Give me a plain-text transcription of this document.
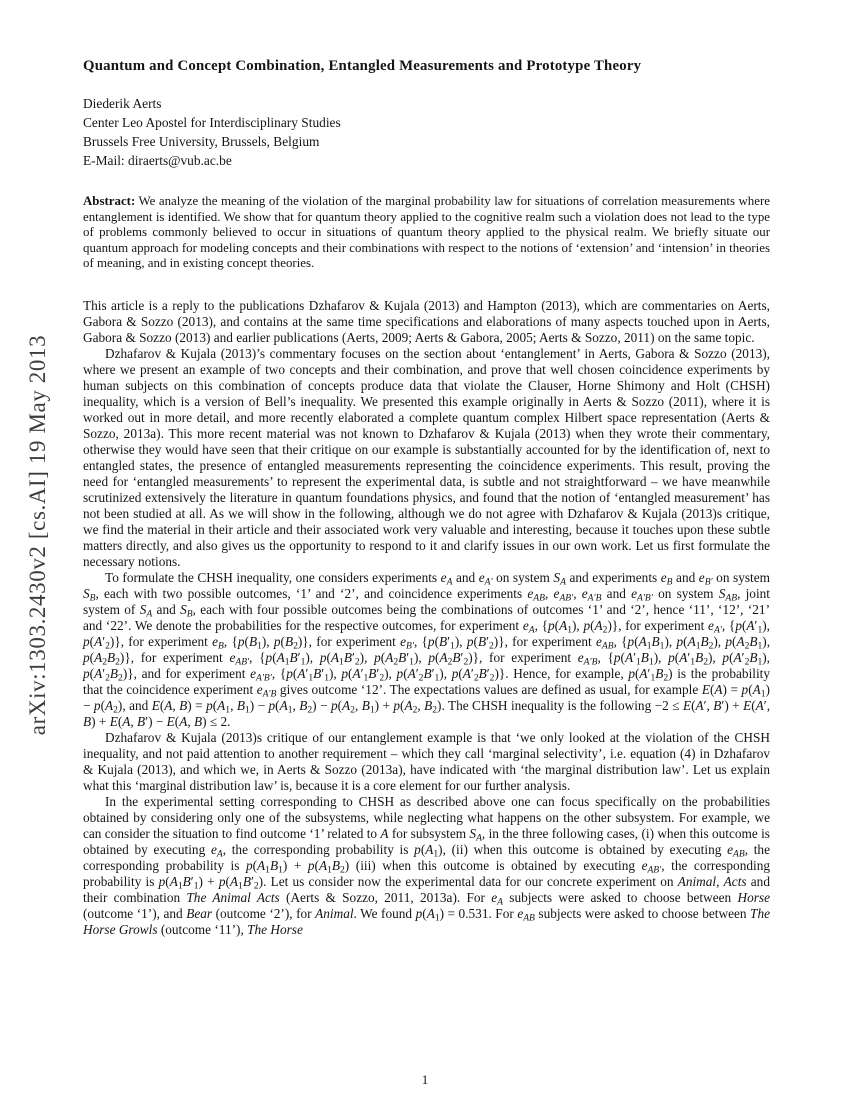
arXiv:1303.2430v2 [cs.AI] 19 May 2013
Quantum and Concept Combination, Entangled Measurements and Prototype Theory
Diederik Aerts
Center Leo Apostel for Interdisciplinary Studies
Brussels Free University, Brussels, Belgium
E-Mail: diraerts@vub.ac.be

Abstract: We analyze the meaning of the violation of the marginal probability law for situations of correlation measurements where entanglement is identified. We show that for quantum theory applied to the cognitive realm such a violation does not lead to the type of problems commonly believed to occur in situations of quantum theory applied to the physical realm. We briefly situate our quantum approach for modeling concepts and their combinations with respect to the notions of ‘extension’ and ‘intension’ in theories of meaning, and in existing concept theories.

This article is a reply to the publications Dzhafarov & Kujala (2013) and Hampton (2013), which are commentaries on Aerts, Gabora & Sozzo (2013), and contains at the same time specifications and elaborations of many aspects touched upon in Aerts, Gabora & Sozzo (2013) and earlier publications (Aerts, 2009; Aerts & Gabora, 2005; Aerts & Sozzo, 2011) on the same topic.

Dzhafarov & Kujala (2013)’s commentary focuses on the section about ‘entanglement’ in Aerts, Gabora & Sozzo (2013), where we present an example of two concepts and their combination, and prove that well chosen coincidence experiments by human subjects on this combination of concepts produce data that violate the Clauser, Horne Shimony and Holt (CHSH) inequality, which is a version of Bell’s inequality. We presented this example originally in Aerts & Sozzo (2011), where it is worked out in more detail, and more recently elaborated a complete quantum complex Hilbert space representation (Aerts & Sozzo, 2013a). This more recent material was not known to Dzhafarov & Kujala (2013) when they wrote their commentary, otherwise they would have seen that their critique on our example is substantially accounted for by the identification of, next to entangled states, the presence of entangled measurements representing the coincidence experiments. This result, proving the need for ‘entangled measurements’ to represent the experimental data, is subtle and not straightforward – we have meanwhile scrutinized extensively the literature in quantum foundations physics, and found that the notion of ‘entangled measurement’ has not been studied at all. As we will show in the following, although we do not agree with Dzhafarov & Kujala (2013)s critique, we find the material in their article and their associated work very valuable and interesting, because it touches upon these subtle matters directly, and also gives us the opportunity to respond to it and clarify issues in our own work. Let us first formulate the necessary notions.

To formulate the CHSH inequality, one considers experiments $e_A$ and $e_{A'}$ on system $S_A$ and experiments $e_B$ and $e_{B'}$ on system $S_B$, each with two possible outcomes, ‘1’ and ‘2’, and coincidence experiments $e_{AB}$, $e_{AB'}$, $e_{A'B}$ and $e_{A'B'}$ on system $S_{AB}$, joint system of $S_A$ and $S_B$, each with four possible outcomes being the combinations of outcomes ‘1’ and ‘2’, hence ‘11’, ‘12’, ‘21’ and ‘22’. We denote the probabilities for the respective outcomes, for experiment $e_A$, {$p(A_1)$, $p(A_2)$}, for experiment $e_{A'}$, {$p(A'_1)$, $p(A'_2)$}, for experiment $e_B$, {$p(B_1)$, $p(B_2)$}, for experiment $e_{B'}$, {$p(B'_1)$, $p(B'_2)$}, for experiment $e_{AB}$, {$p(A_1B_1)$, $p(A_1B_2)$, $p(A_2B_1)$, $p(A_2B_2)$}, for experiment $e_{AB'}$, {$p(A_1B'_1)$, $p(A_1B'_2)$, $p(A_2B'_1)$, $p(A_2B'_2)$}, for experiment $e_{A'B}$, {$p(A'_1B_1)$, $p(A'_1B_2)$, $p(A'_2B_1)$, $p(A'_2B_2)$}, and for experiment $e_{A'B'}$, {$p(A'_1B'_1)$, $p(A'_1B'_2)$, $p(A'_2B'_1)$, $p(A'_2B'_2)$}. Hence, for example, $p(A'_1B_2)$ is the probability that the coincidence experiment $e_{A'B}$ gives outcome ‘12’. The expectations values are defined as usual, for example $E(A) = p(A_1) - p(A_2)$, and E(A, $B) = p(A_1$, $B_1) - p(A_1$, $B_2) - p(A_2$, $B_1) + p(A_2$, $B_2$). The CHSH inequality is the following −2 ≤ E(A′, B′) + E(A′, B) + E(A, B′) − E(A, B) ≤ 2.

Dzhafarov & Kujala (2013)s critique of our entanglement example is that ‘we only looked at the violation of the CHSH inequality, and not paid attention to another requirement – which they call ‘marginal selectivity’, i.e. equation (4) in Dzhafarov & Kujala (2013), and which we, in Aerts & Sozzo (2013a), have indicated with ‘the marginal distribution law’. Let us explain what this ‘marginal distribution law’ is, because it is a core element for our further analysis.

In the experimental setting corresponding to CHSH as described above one can focus specifically on the probabilities obtained by considering only one of the subsystems, while neglecting what happens on the other subsystem. For example, we can consider the situation to find outcome ‘1’ related to A for subsystem $S_A$, in the three following cases, (i) when this outcome is obtained by executing $e_A$, the corresponding probability is $p(A_1)$, (ii) when this outcome is obtained by executing $e_{AB}$, the corresponding probability is $p(A_1B_1) + p(A_1B_2)$ (iii) when this outcome is obtained by executing $e_{AB'}$, the corresponding probability is $p(A_1B'_1) + p(A_1B'_2)$. Let us consider now the experimental data for our concrete experiment on Animal, Acts and their combination The Animal Acts (Aerts & Sozzo, 2011, 2013a). For $e_A$ subjects were asked to choose between Horse (outcome ‘1’), and Bear (outcome ‘2’), for Animal. We found $p(A_1) = 0.531$. For $e_{AB}$ subjects were asked to choose between The Horse Growls (outcome ‘11’), The Horse

1
